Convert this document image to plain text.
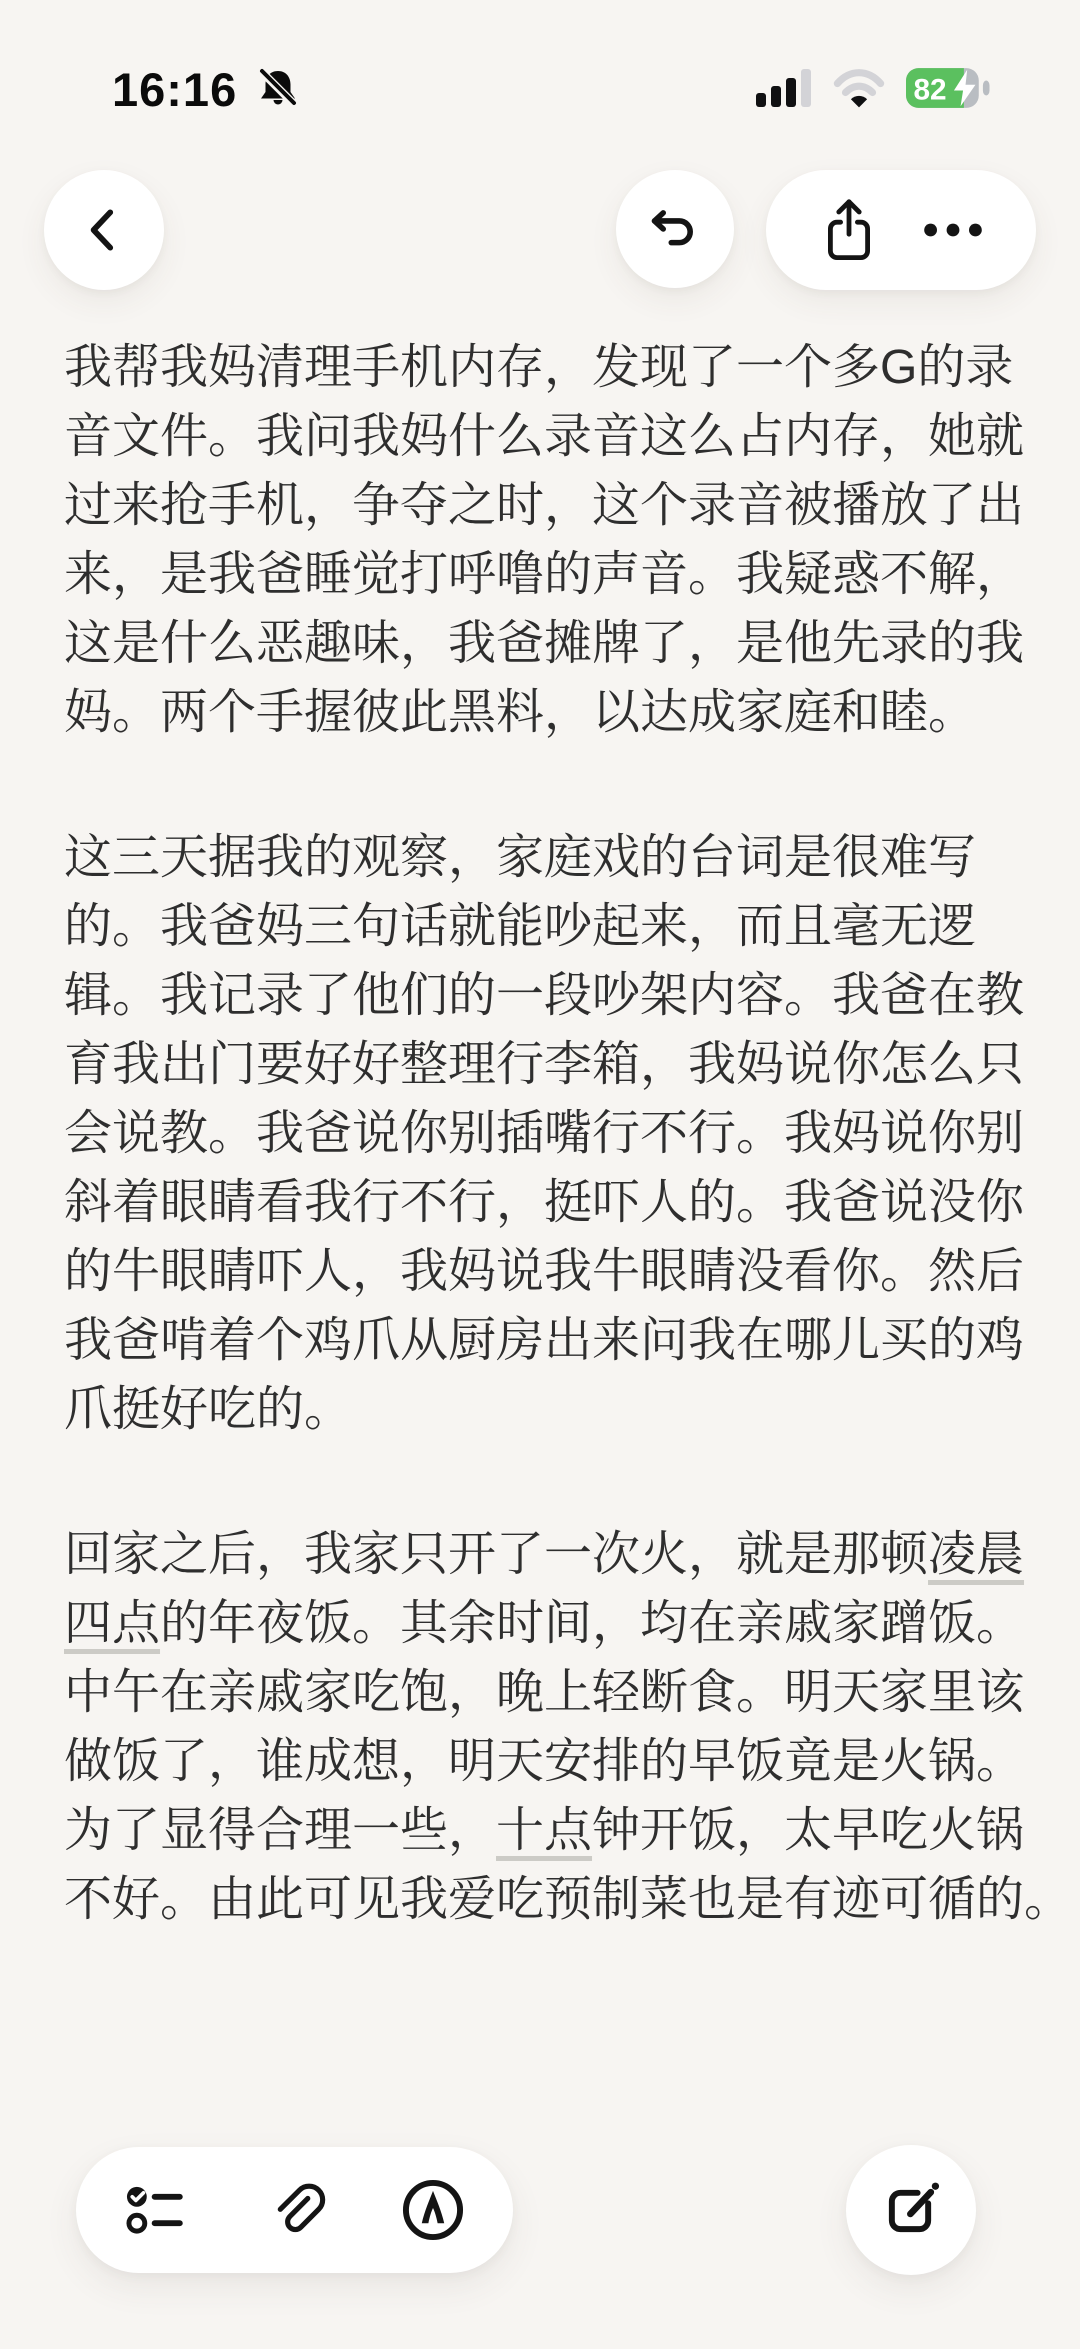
16:16	82
我帮我妈清理手机内存，发现了一个多G的录
音文件。我问我妈什么录音这么占内存，她就
过来抢手机，争夺之时，这个录音被播放了出
来，是我爸睡觉打呼噜的声音。我疑惑不解，
这是什么恶趣味，我爸摊牌了，是他先录的我
妈。两个手握彼此黑料，以达成家庭和睦。
这三天据我的观察，家庭戏的台词是很难写
的。我爸妈三句话就能吵起来，而且毫无逻
辑。我记录了他们的一段吵架内容。我爸在教
育我出门要好好整理行李箱，我妈说你怎么只
会说教。我爸说你别插嘴行不行。我妈说你别
斜着眼睛看我行不行，挺吓人的。我爸说没你
的牛眼睛吓人，我妈说我牛眼睛没看你。然后
我爸啃着个鸡爪从厨房出来问我在哪儿买的鸡
爪挺好吃的。
回家之后，我家只开了一次火，就是那顿凌晨
四点的年夜饭。其余时间，均在亲戚家蹭饭。
中午在亲戚家吃饱，晚上轻断食。明天家里该
做饭了，谁成想，明天安排的早饭竟是火锅。
为了显得合理一些，十点钟开饭，太早吃火锅
不好。由此可见我爱吃预制菜也是有迹可循的。
